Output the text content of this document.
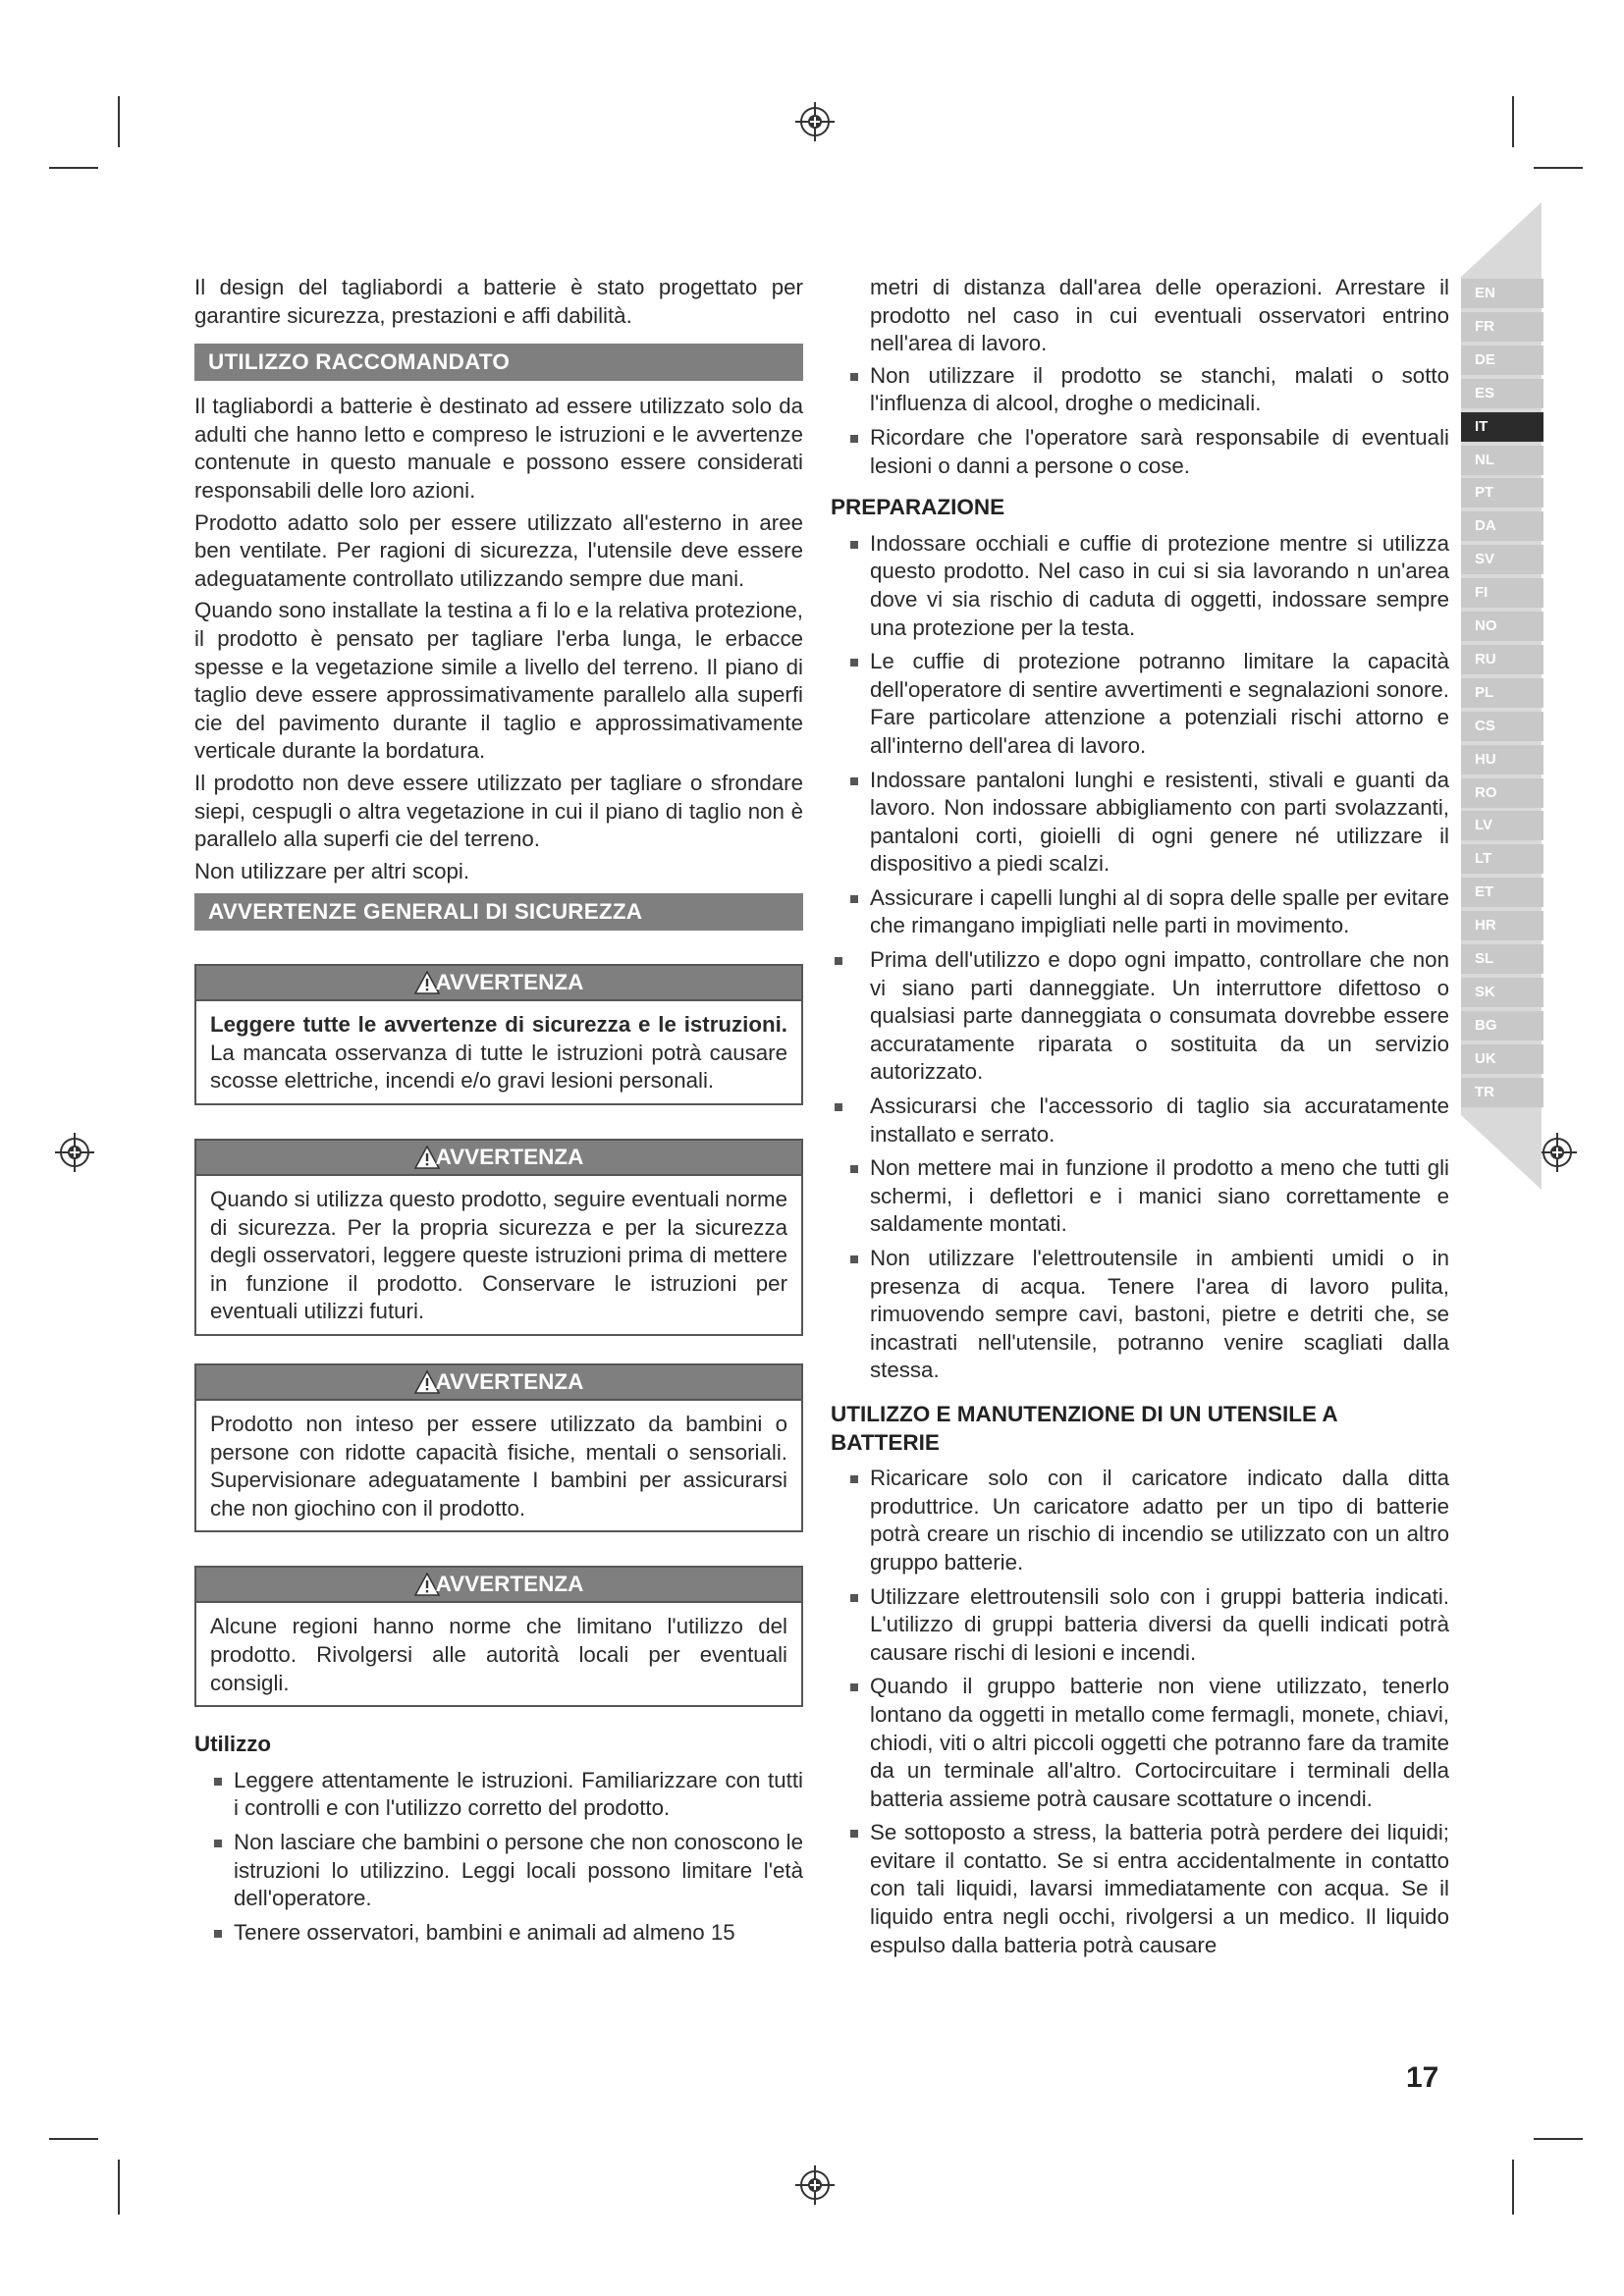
Il design del tagliabordi a batterie è stato progettato per garantire sicurezza, prestazioni e affi dabilità.

UTILIZZO RACCOMANDATO

Il tagliabordi a batterie è destinato ad essere utilizzato solo da adulti che hanno letto e compreso le istruzioni e le avvertenze contenute in questo manuale e possono essere considerati responsabili delle loro azioni.

Prodotto adatto solo per essere utilizzato all'esterno in aree ben ventilate. Per ragioni di sicurezza, l'utensile deve essere adeguatamente controllato utilizzando sempre due mani.

Quando sono installate la testina a fi lo e la relativa protezione, il prodotto è pensato per tagliare l'erba lunga, le erbacce spesse e la vegetazione simile a livello del terreno. Il piano di taglio deve essere approssimativamente parallelo alla superfi cie del pavimento durante il taglio e approssimativamente verticale durante la bordatura.

Il prodotto non deve essere utilizzato per tagliare o sfrondare siepi, cespugli o altra vegetazione in cui il piano di taglio non è parallelo alla superfi cie del terreno.

Non utilizzare per altri scopi.

AVVERTENZE GENERALI DI SICUREZZA
AVVERTENZA
Leggere tutte le avvertenze di sicurezza e le istruzioni. La mancata osservanza di tutte le istruzioni potrà causare scosse elettriche, incendi e/o gravi lesioni personali.
AVVERTENZA
Quando si utilizza questo prodotto, seguire eventuali norme di sicurezza. Per la propria sicurezza e per la sicurezza degli osservatori, leggere queste istruzioni prima di mettere in funzione il prodotto. Conservare le istruzioni per eventuali utilizzi futuri.
AVVERTENZA
Prodotto non inteso per essere utilizzato da bambini o persone con ridotte capacità fisiche, mentali o sensoriali. Supervisionare adeguatamente I bambini per assicurarsi che non giochino con il prodotto.
AVVERTENZA
Alcune regioni hanno norme che limitano l'utilizzo del prodotto. Rivolgersi alle autorità locali per eventuali consigli.
Utilizzo
Leggere attentamente le istruzioni. Familiarizzare con tutti i controlli e con l'utilizzo corretto del prodotto.
Non lasciare che bambini o persone che non conoscono le istruzioni lo utilizzino. Leggi locali possono limitare l'età dell'operatore.
Tenere osservatori, bambini e animali ad almeno 15

metri di distanza dall'area delle operazioni. Arrestare il prodotto nel caso in cui eventuali osservatori entrino nell'area di lavoro.

Non utilizzare il prodotto se stanchi, malati o sotto l'influenza di alcool, droghe o medicinali.
Ricordare che l'operatore sarà responsabile di eventuali lesioni o danni a persone o cose.
PREPARAZIONE
Indossare occhiali e cuffie di protezione mentre si utilizza questo prodotto. Nel caso in cui si sia lavorando n un'area dove vi sia rischio di caduta di oggetti, indossare sempre una protezione per la testa.
Le cuffie di protezione potranno limitare la capacità dell'operatore di sentire avvertimenti e segnalazioni sonore. Fare particolare attenzione a potenziali rischi attorno e all'interno dell'area di lavoro.
Indossare pantaloni lunghi e resistenti, stivali e guanti da lavoro. Non indossare abbigliamento con parti svolazzanti, pantaloni corti, gioielli di ogni genere né utilizzare il dispositivo a piedi scalzi.
Assicurare i capelli lunghi al di sopra delle spalle per evitare che rimangano impigliati nelle parti in movimento.
Prima dell'utilizzo e dopo ogni impatto, controllare che non vi siano parti danneggiate. Un interruttore difettoso o qualsiasi parte danneggiata o consumata dovrebbe essere accuratamente riparata o sostituita da un servizio autorizzato.
Assicurarsi che l'accessorio di taglio sia accuratamente installato e serrato.
Non mettere mai in funzione il prodotto a meno che tutti gli schermi, i deflettori e i manici siano correttamente e saldamente montati.
Non utilizzare l'elettroutensile in ambienti umidi o in presenza di acqua. Tenere l'area di lavoro pulita, rimuovendo sempre cavi, bastoni, pietre e detriti che, se incastrati nell'utensile, potranno venire scagliati dalla stessa.
UTILIZZO E MANUTENZIONE DI UN UTENSILE A BATTERIE
Ricaricare solo con il caricatore indicato dalla ditta produttrice. Un caricatore adatto per un tipo di batterie potrà creare un rischio di incendio se utilizzato con un altro gruppo batterie.
Utilizzare elettroutensili solo con i gruppi batteria indicati. L'utilizzo di gruppi batteria diversi da quelli indicati potrà causare rischi di lesioni e incendi.
Quando il gruppo batterie non viene utilizzato, tenerlo lontano da oggetti in metallo come fermagli, monete, chiavi, chiodi, viti o altri piccoli oggetti che potranno fare da tramite da un terminale all'altro. Cortocircuitare i terminali della batteria assieme potrà causare scottature o incendi.
Se sottoposto a stress, la batteria potrà perdere dei liquidi; evitare il contatto. Se si entra accidentalmente in contatto con tali liquidi, lavarsi immediatamente con acqua. Se il liquido entra negli occhi, rivolgersi a un medico. Il liquido espulso dalla batteria potrà causare
EN
FR
DE
ES
IT
NL
PT
DA
SV
FI
NO
RU
PL
CS
HU
RO
LV
LT
ET
HR
SL
SK
BG
UK
TR
17
